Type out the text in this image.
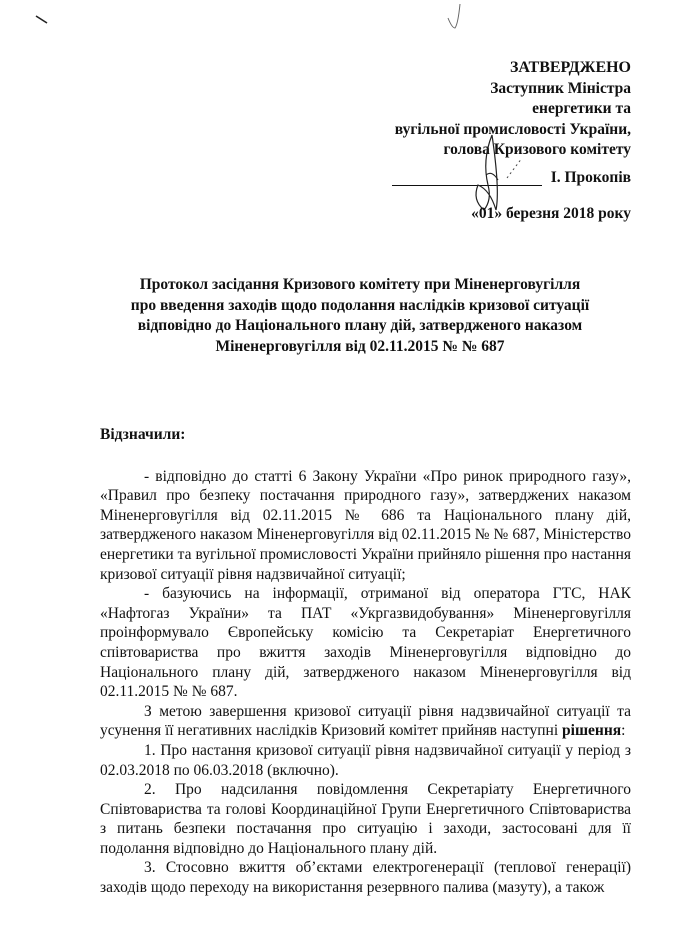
ЗАТВЕРДЖЕНО
Заступник Міністра
енергетики та
вугільної промисловості України,
голова Кризового комітету
І. Прокопів
«01» березня 2018 року
Протокол засідання Кризового комітету при Міненерговугілля
про введення заходів щодо подолання наслідків кризової ситуації
відповідно до Національного плану дій, затвердженого наказом
Міненерговугілля від 02.11.2015 № № 687
Відзначили:

- відповідно до статті 6 Закону України «Про ринок природного газу», «Правил про безпеку постачання природного газу», затверджених наказом Міненерговугілля від 02.11.2015 № 686 та Національного плану дій, затвердженого наказом Міненерговугілля від 02.11.2015 № № 687, Міністерство енергетики та вугільної промисловості України прийняло рішення про настання кризової ситуації рівня надзвичайної ситуації;

- базуючись на інформації, отриманої від оператора ГТС, НАК «Нафтогаз України» та ПАТ «Укргазвидобування» Міненерговугілля проінформувало Європейську комісію та Секретаріат Енергетичного співтовариства про вжиття заходів Міненерговугілля відповідно до Національного плану дій, затвердженого наказом Міненерговугілля від 02.11.2015 № № 687.

З метою завершення кризової ситуації рівня надзвичайної ситуації та усунення її негативних наслідків Кризовий комітет прийняв наступні рішення:

1. Про настання кризової ситуації рівня надзвичайної ситуації у період з 02.03.2018 по 06.03.2018 (включно).

2. Про надсилання повідомлення Секретаріату Енергетичного Співтовариства та голові Координаційної Групи Енергетичного Співтовариства з питань безпеки постачання про ситуацію і заходи, застосовані для її подолання відповідно до Національного плану дій.

3. Стосовно вжиття об’єктами електрогенерації (теплової генерації) заходів щодо переходу на використання резервного палива (мазуту), а також
